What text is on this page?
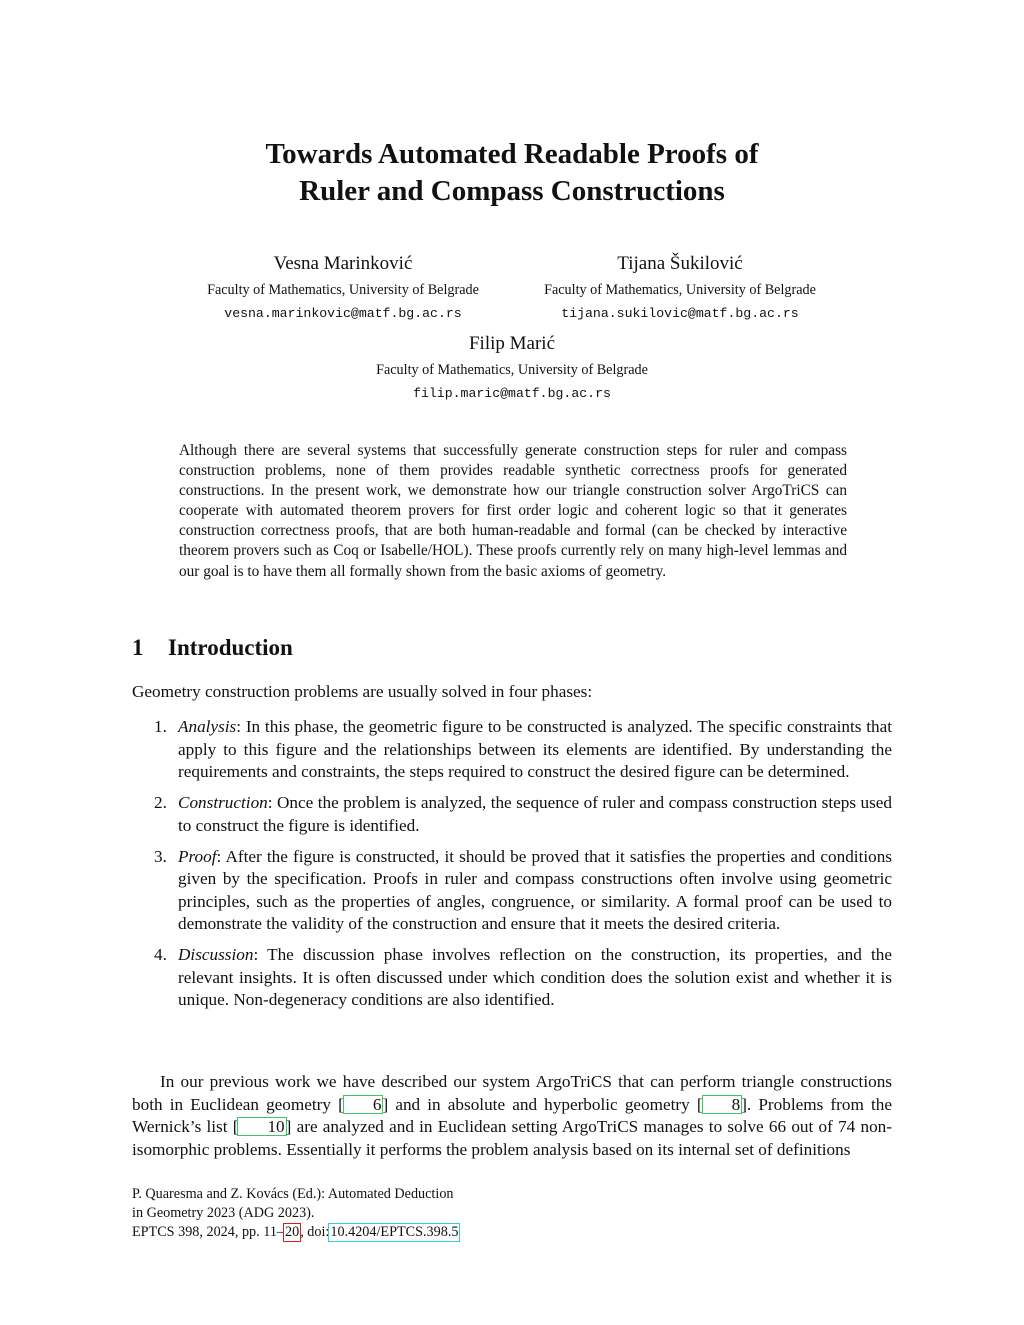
Towards Automated Readable Proofs of
Ruler and Compass Constructions
Vesna Marinković
Faculty of Mathematics, University of Belgrade
vesna.marinkovic@matf.bg.ac.rs
Tijana Šukilović
Faculty of Mathematics, University of Belgrade
tijana.sukilovic@matf.bg.ac.rs
Filip Marić
Faculty of Mathematics, University of Belgrade
filip.maric@matf.bg.ac.rs

Although there are several systems that successfully generate construction steps for ruler and compass construction problems, none of them provides readable synthetic correctness proofs for generated constructions. In the present work, we demonstrate how our triangle construction solver ArgoTriCS can cooperate with automated theorem provers for first order logic and coherent logic so that it generates construction correctness proofs, that are both human-readable and formal (can be checked by interactive theorem provers such as Coq or Isabelle/HOL). These proofs currently rely on many high-level lemmas and our goal is to have them all formally shown from the basic axioms of geometry.

1 Introduction

Geometry construction problems are usually solved in four phases:

1. Analysis: In this phase, the geometric figure to be constructed is analyzed. The specific constraints that apply to this figure and the relationships between its elements are identified. By understanding the requirements and constraints, the steps required to construct the desired figure can be determined.
2. Construction: Once the problem is analyzed, the sequence of ruler and compass construction steps used to construct the figure is identified.
3. Proof: After the figure is constructed, it should be proved that it satisfies the properties and conditions given by the specification. Proofs in ruler and compass constructions often involve using geometric principles, such as the properties of angles, congruence, or similarity. A formal proof can be used to demonstrate the validity of the construction and ensure that it meets the desired criteria.
4. Discussion: The discussion phase involves reflection on the construction, its properties, and the relevant insights. It is often discussed under which condition does the solution exist and whether it is unique. Non-degeneracy conditions are also identified.

In our previous work we have described our system ArgoTriCS that can perform triangle constructions both in Euclidean geometry [ 6] and in absolute and hyperbolic geometry [ 8]. Problems from the Wernick’s list [ 10] are analyzed and in Euclidean setting ArgoTriCS manages to solve 66 out of 74 non-isomorphic problems. Essentially it performs the problem analysis based on its internal set of definitions

P. Quaresma and Z. Kovács (Ed.): Automated Deduction
in Geometry 2023 (ADG 2023).
EPTCS 398, 2024, pp. 11–20, doi:10.4204/EPTCS.398.5
